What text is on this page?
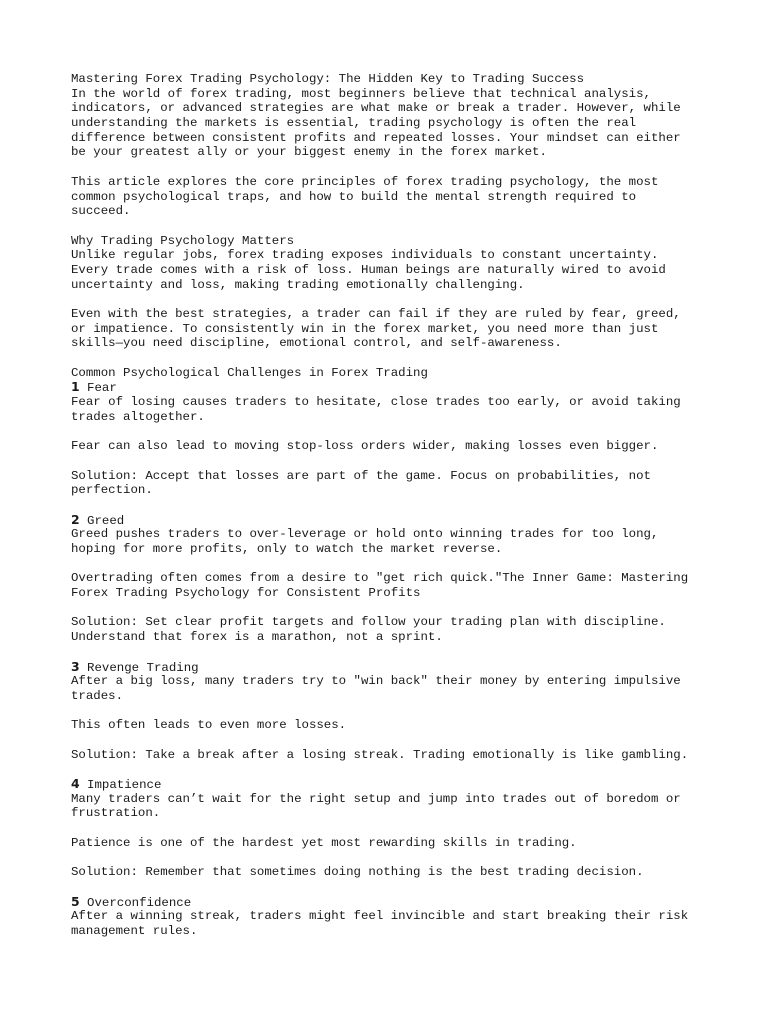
Mastering Forex Trading Psychology: The Hidden Key to Trading Success
In the world of forex trading, most beginners believe that technical analysis,
indicators, or advanced strategies are what make or break a trader. However, while
understanding the markets is essential, trading psychology is often the real
difference between consistent profits and repeated losses. Your mindset can either
be your greatest ally or your biggest enemy in the forex market.
This article explores the core principles of forex trading psychology, the most
common psychological traps, and how to build the mental strength required to
succeed.
Why Trading Psychology Matters
Unlike regular jobs, forex trading exposes individuals to constant uncertainty.
Every trade comes with a risk of loss. Human beings are naturally wired to avoid
uncertainty and loss, making trading emotionally challenging.
Even with the best strategies, a trader can fail if they are ruled by fear, greed,
or impatience. To consistently win in the forex market, you need more than just
skills—you need discipline, emotional control, and self-awareness.
Common Psychological Challenges in Forex Trading
1 Fear
Fear of losing causes traders to hesitate, close trades too early, or avoid taking
trades altogether.
Fear can also lead to moving stop-loss orders wider, making losses even bigger.
Solution: Accept that losses are part of the game. Focus on probabilities, not
perfection.
2 Greed
Greed pushes traders to over-leverage or hold onto winning trades for too long,
hoping for more profits, only to watch the market reverse.
Overtrading often comes from a desire to "get rich quick."The Inner Game: Mastering
Forex Trading Psychology for Consistent Profits
Solution: Set clear profit targets and follow your trading plan with discipline.
Understand that forex is a marathon, not a sprint.
3 Revenge Trading
After a big loss, many traders try to "win back" their money by entering impulsive
trades.
This often leads to even more losses.
Solution: Take a break after a losing streak. Trading emotionally is like gambling.
4 Impatience
Many traders can’t wait for the right setup and jump into trades out of boredom or
frustration.
Patience is one of the hardest yet most rewarding skills in trading.
Solution: Remember that sometimes doing nothing is the best trading decision.
5 Overconfidence
After a winning streak, traders might feel invincible and start breaking their risk
management rules.
